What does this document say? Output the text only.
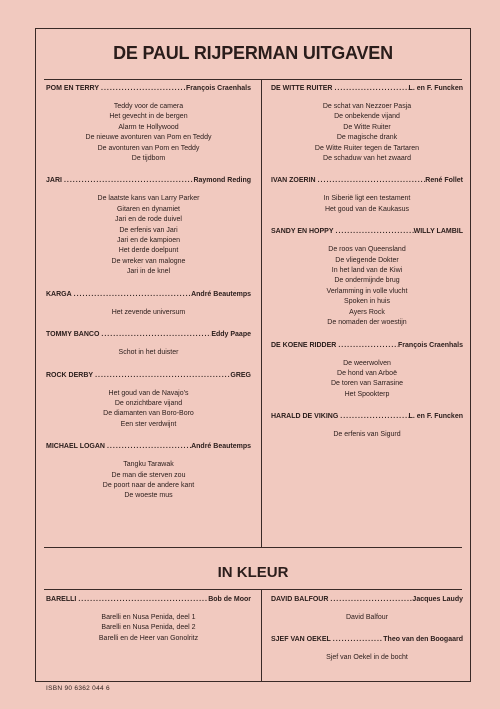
DE PAUL RIJPERMAN UITGAVEN
POM EN TERRY .....	François Craenhals
Teddy voor de camera
Het gevecht in de bergen
Alarm te Hollywood
De nieuwe avonturen van Pom en Teddy
De avonturen van Pom en Teddy
De tijdbom
JARI .....	Raymond Reding
De laatste kans van Larry Parker
Gitaren en dynamiet
Jari en de rode duivel
De erfenis van Jari
Jari en de kampioen
Het derde doelpunt
De wreker van malogne
Jari in de knel
KARGA .....	André Beautemps
Het zevende universum
TOMMY BANCO .....	Eddy Paape
Schot in het duister
ROCK DERBY .....	GREG
Het goud van de Navajo's
De onzichtbare vijand
De diamanten van Boro-Boro
Een ster verdwijnt
MICHAEL LOGAN .....	André Beautemps
Tangku Tarawak
De man die sterven zou
De poort naar de andere kant
De woeste mus
DE WITTE RUITER .....	L. en F. Funcken
De schat van Nezzoer Pasja
De onbekende vijand
De Witte Ruiter
De magische drank
De Witte Ruiter tegen de Tartaren
De schaduw van het zwaard
IVAN ZOERIN .....	René Follet
In Siberië ligt een testament
Het goud van de Kaukasus
SANDY EN HOPPY .....	WILLY LAMBIL
De roos van Queensland
De vliegende Dokter
In het land van de Kiwi
De ondermijnde brug
Verlamming in volle vlucht
Spoken in huis
Ayers Rock
De nomaden der woestijn
DE KOENE RIDDER .....	François Craenhals
De weerwolven
De hond van Arboë
De toren van Sarrasine
Het Spookterp
HARALD DE VIKING .....	L. en F. Funcken
De erfenis van Sigurd
IN KLEUR
BARELLI .....	Bob de Moor
Barelli en Nusa Penida, deel 1
Barelli en Nusa Penida, deel 2
Barelli en de Heer van Gonolritz
DAVID BALFOUR .....	Jacques Laudy
David Balfour
SJEF VAN OEKEL .....	Theo van den Boogaard
Sjef van Oekel in de bocht
ISBN 90 6362 044 6
